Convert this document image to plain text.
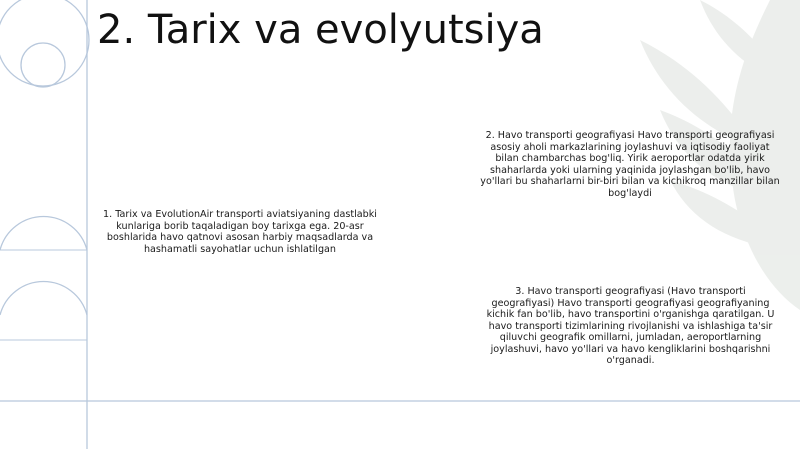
2. Tarix va evolyutsiya

1. Tarix va EvolutionAir transporti aviatsiyaning dastlabki kunlariga borib taqaladigan boy tarixga ega. 20-asr boshlarida havo qatnovi asosan harbiy maqsadlarda va hashamatli sayohatlar uchun ishlatilgan

2. Havo transporti geografiyasi Havo transporti geografiyasi asosiy aholi markazlarining joylashuvi va iqtisodiy faoliyat bilan chambarchas bog'liq. Yirik aeroportlar odatda yirik shaharlarda yoki ularning yaqinida joylashgan bo'lib, havo yo'llari bu shaharlarni bir-biri bilan va kichikroq manzillar bilan bog'laydi

3. Havo transporti geografiyasi (Havo transporti geografiyasi) Havo transporti geografiyasi geografiyaning kichik fan bo'lib, havo transportini o'rganishga qaratilgan. U havo transporti tizimlarining rivojlanishi va ishlashiga ta'sir qiluvchi geografik omillarni, jumladan, aeroportlarning joylashuvi, havo yo'llari va havo kengliklarini boshqarishni o'rganadi.
